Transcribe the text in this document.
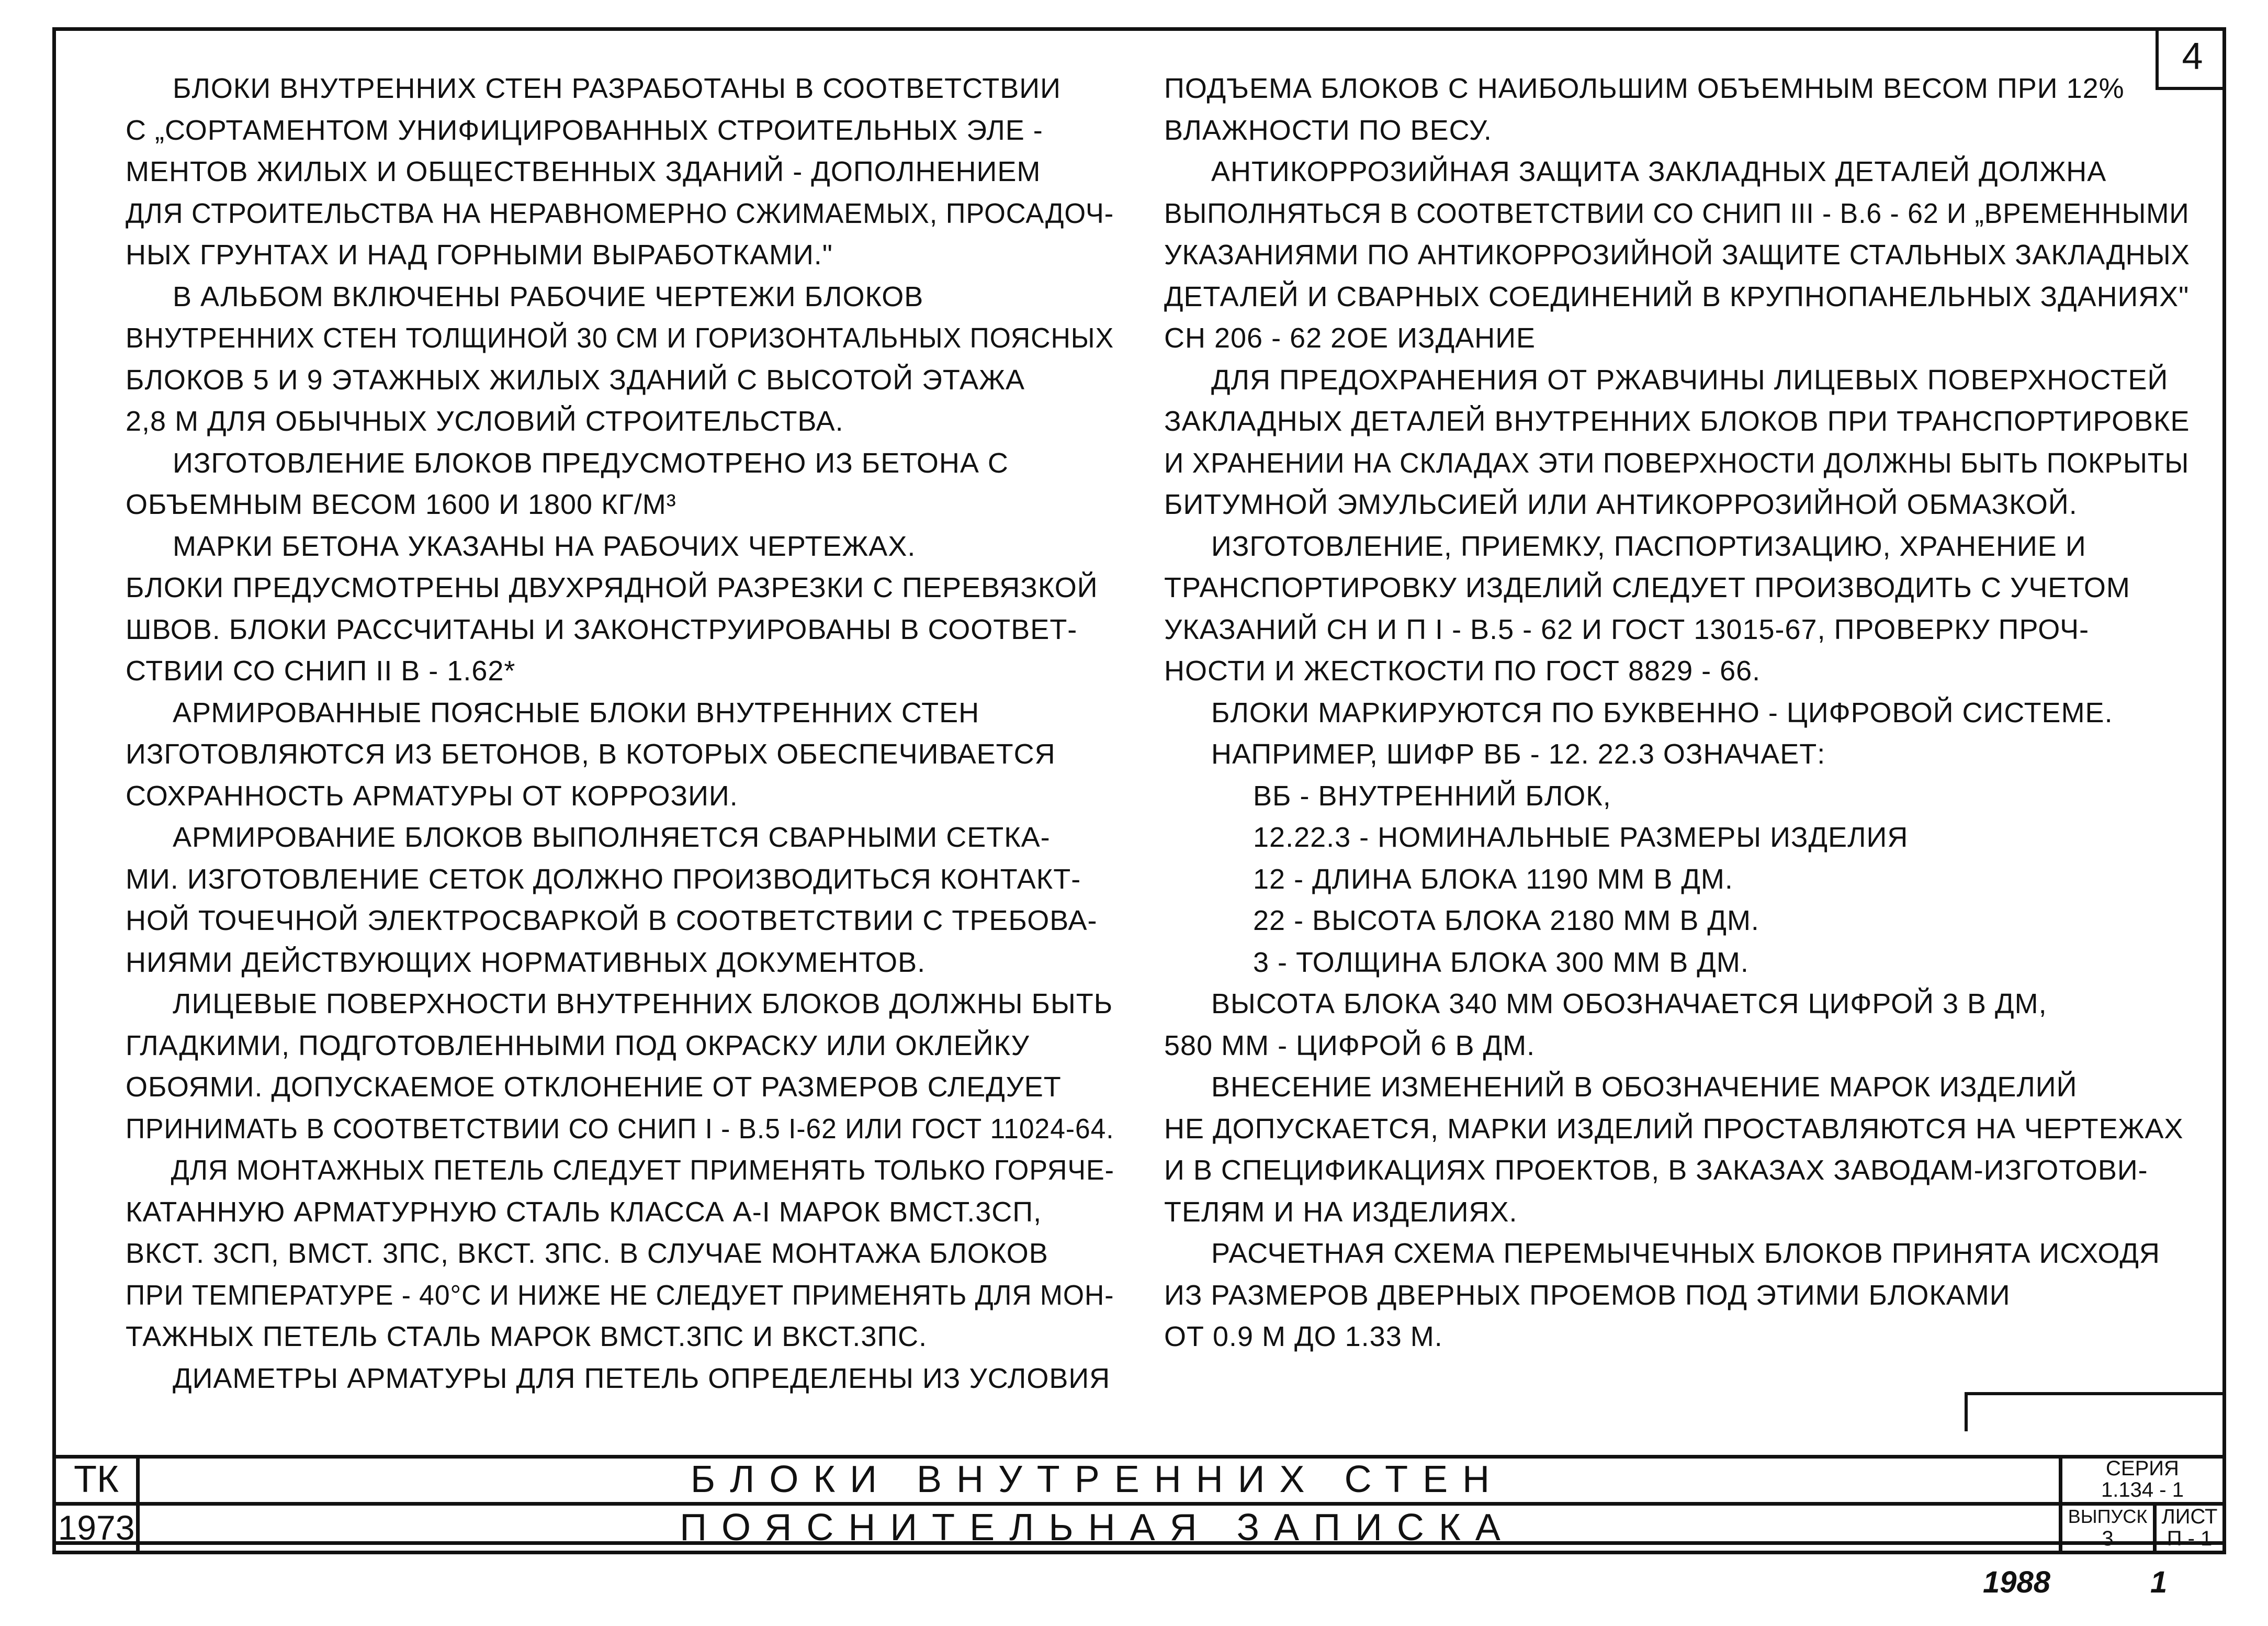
4
БЛОКИ ВНУТРЕННИХ СТЕН РАЗРАБОТАНЫ В СООТВЕТСТВИИ
С „СОРТАМЕНТОМ УНИФИЦИРОВАННЫХ СТРОИТЕЛЬНЫХ ЭЛЕ -
МЕНТОВ ЖИЛЫХ И ОБЩЕСТВЕННЫХ ЗДАНИЙ - ДОПОЛНЕНИЕМ
ДЛЯ СТРОИТЕЛЬСТВА НА НЕРАВНОМЕРНО СЖИМАЕМЫХ, ПРОСАДОЧ-
НЫХ ГРУНТАХ И НАД ГОРНЫМИ ВЫРАБОТКАМИ."
В АЛЬБОМ ВКЛЮЧЕНЫ РАБОЧИЕ ЧЕРТЕЖИ БЛОКОВ
ВНУТРЕННИХ СТЕН ТОЛЩИНОЙ 30 СМ И ГОРИЗОНТАЛЬНЫХ ПОЯСНЫХ
БЛОКОВ 5 И 9 ЭТАЖНЫХ ЖИЛЫХ ЗДАНИЙ С ВЫСОТОЙ ЭТАЖА
2,8 М ДЛЯ ОБЫЧНЫХ УСЛОВИЙ СТРОИТЕЛЬСТВА.
ИЗГОТОВЛЕНИЕ БЛОКОВ ПРЕДУСМОТРЕНО ИЗ БЕТОНА С
ОБЪЕМНЫМ ВЕСОМ 1600 И 1800 КГ/М³
МАРКИ БЕТОНА УКАЗАНЫ НА РАБОЧИХ ЧЕРТЕЖАХ.
БЛОКИ ПРЕДУСМОТРЕНЫ ДВУХРЯДНОЙ РАЗРЕЗКИ С ПЕРЕВЯЗКОЙ
ШВОВ. БЛОКИ РАССЧИТАНЫ И ЗАКОНСТРУИРОВАНЫ В СООТВЕТ-
СТВИИ СО СНИП II В - 1.62*
АРМИРОВАННЫЕ ПОЯСНЫЕ БЛОКИ ВНУТРЕННИХ СТЕН
ИЗГОТОВЛЯЮТСЯ ИЗ БЕТОНОВ, В КОТОРЫХ ОБЕСПЕЧИВАЕТСЯ
СОХРАННОСТЬ АРМАТУРЫ ОТ КОРРОЗИИ.
АРМИРОВАНИЕ БЛОКОВ ВЫПОЛНЯЕТСЯ СВАРНЫМИ СЕТКА-
МИ. ИЗГОТОВЛЕНИЕ СЕТОК ДОЛЖНО ПРОИЗВОДИТЬСЯ КОНТАКТ-
НОЙ ТОЧЕЧНОЙ ЭЛЕКТРОСВАРКОЙ В СООТВЕТСТВИИ С ТРЕБОВА-
НИЯМИ ДЕЙСТВУЮЩИХ НОРМАТИВНЫХ ДОКУМЕНТОВ.
ЛИЦЕВЫЕ ПОВЕРХНОСТИ ВНУТРЕННИХ БЛОКОВ ДОЛЖНЫ БЫТЬ
ГЛАДКИМИ, ПОДГОТОВЛЕННЫМИ ПОД ОКРАСКУ ИЛИ ОКЛЕЙКУ
ОБОЯМИ. ДОПУСКАЕМОЕ ОТКЛОНЕНИЕ ОТ РАЗМЕРОВ СЛЕДУЕТ
ПРИНИМАТЬ В СООТВЕТСТВИИ СО СНИП I - В.5 I-62 ИЛИ ГОСТ 11024-64.
ДЛЯ МОНТАЖНЫХ ПЕТЕЛЬ СЛЕДУЕТ ПРИМЕНЯТЬ ТОЛЬКО ГОРЯЧЕ-
КАТАННУЮ АРМАТУРНУЮ СТАЛЬ КЛАССА А-I МАРОК ВМСТ.3СП,
ВКСТ. 3СП, ВМСТ. 3ПС, ВКСТ. 3ПС. В СЛУЧАЕ МОНТАЖА БЛОКОВ
ПРИ ТЕМПЕРАТУРЕ - 40°С И НИЖЕ НЕ СЛЕДУЕТ ПРИМЕНЯТЬ ДЛЯ МОН-
ТАЖНЫХ ПЕТЕЛЬ СТАЛЬ МАРОК ВМСТ.3ПС И ВКСТ.3ПС.
ДИАМЕТРЫ АРМАТУРЫ ДЛЯ ПЕТЕЛЬ ОПРЕДЕЛЕНЫ ИЗ УСЛОВИЯ
ПОДЪЕМА БЛОКОВ С НАИБОЛЬШИМ ОБЪЕМНЫМ ВЕСОМ ПРИ 12%
ВЛАЖНОСТИ ПО ВЕСУ.
АНТИКОРРОЗИЙНАЯ ЗАЩИТА ЗАКЛАДНЫХ ДЕТАЛЕЙ ДОЛЖНА
ВЫПОЛНЯТЬСЯ В СООТВЕТСТВИИ СО СНИП III - В.6 - 62 И „ВРЕМЕННЫМИ
УКАЗАНИЯМИ ПО АНТИКОРРОЗИЙНОЙ ЗАЩИТЕ СТАЛЬНЫХ ЗАКЛАДНЫХ
ДЕТАЛЕЙ И СВАРНЫХ СОЕДИНЕНИЙ В КРУПНОПАНЕЛЬНЫХ ЗДАНИЯХ"
СН 206 - 62 2ОЕ ИЗДАНИЕ
ДЛЯ ПРЕДОХРАНЕНИЯ ОТ РЖАВЧИНЫ ЛИЦЕВЫХ ПОВЕРХНОСТЕЙ
ЗАКЛАДНЫХ ДЕТАЛЕЙ ВНУТРЕННИХ БЛОКОВ ПРИ ТРАНСПОРТИРОВКЕ
И ХРАНЕНИИ НА СКЛАДАХ ЭТИ ПОВЕРХНОСТИ ДОЛЖНЫ БЫТЬ ПОКРЫТЫ
БИТУМНОЙ ЭМУЛЬСИЕЙ ИЛИ АНТИКОРРОЗИЙНОЙ ОБМАЗКОЙ.
ИЗГОТОВЛЕНИЕ, ПРИЕМКУ, ПАСПОРТИЗАЦИЮ, ХРАНЕНИЕ И
ТРАНСПОРТИРОВКУ ИЗДЕЛИЙ СЛЕДУЕТ ПРОИЗВОДИТЬ С УЧЕТОМ
УКАЗАНИЙ СН И П I - В.5 - 62 И ГОСТ 13015-67, ПРОВЕРКУ ПРОЧ-
НОСТИ И ЖЕСТКОСТИ ПО ГОСТ 8829 - 66.
БЛОКИ МАРКИРУЮТСЯ ПО БУКВЕННО - ЦИФРОВОЙ СИСТЕМЕ.
НАПРИМЕР, ШИФР ВБ - 12. 22.3 ОЗНАЧАЕТ:
ВБ - ВНУТРЕННИЙ БЛОК,
12.22.3 - НОМИНАЛЬНЫЕ РАЗМЕРЫ ИЗДЕЛИЯ
12 - ДЛИНА БЛОКА 1190 ММ В ДМ.
22 - ВЫСОТА БЛОКА 2180 ММ В ДМ.
3 - ТОЛЩИНА БЛОКА 300 ММ В ДМ.
ВЫСОТА БЛОКА 340 ММ ОБОЗНАЧАЕТСЯ ЦИФРОЙ 3 В ДМ,
580 ММ - ЦИФРОЙ 6 В ДМ.
ВНЕСЕНИЕ ИЗМЕНЕНИЙ В ОБОЗНАЧЕНИЕ МАРОК ИЗДЕЛИЙ
НЕ ДОПУСКАЕТСЯ, МАРКИ ИЗДЕЛИЙ ПРОСТАВЛЯЮТСЯ НА ЧЕРТЕЖАХ
И В СПЕЦИФИКАЦИЯХ ПРОЕКТОВ, В ЗАКАЗАХ ЗАВОДАМ-ИЗГОТОВИ-
ТЕЛЯМ И НА ИЗДЕЛИЯХ.
РАСЧЕТНАЯ СХЕМА ПЕРЕМЫЧЕЧНЫХ БЛОКОВ ПРИНЯТА ИСХОДЯ
ИЗ РАЗМЕРОВ ДВЕРНЫХ ПРОЕМОВ ПОД ЭТИМИ БЛОКАМИ
ОТ 0.9 М ДО 1.33 М.
ТК
1973
БЛОКИ ВНУТРЕННИХ СТЕН
ПОЯСНИТЕЛЬНАЯ ЗАПИСКА
СЕРИЯ
1.134 - 1
ВЫПУСК
3
ЛИСТ
П - 1
1988	1
